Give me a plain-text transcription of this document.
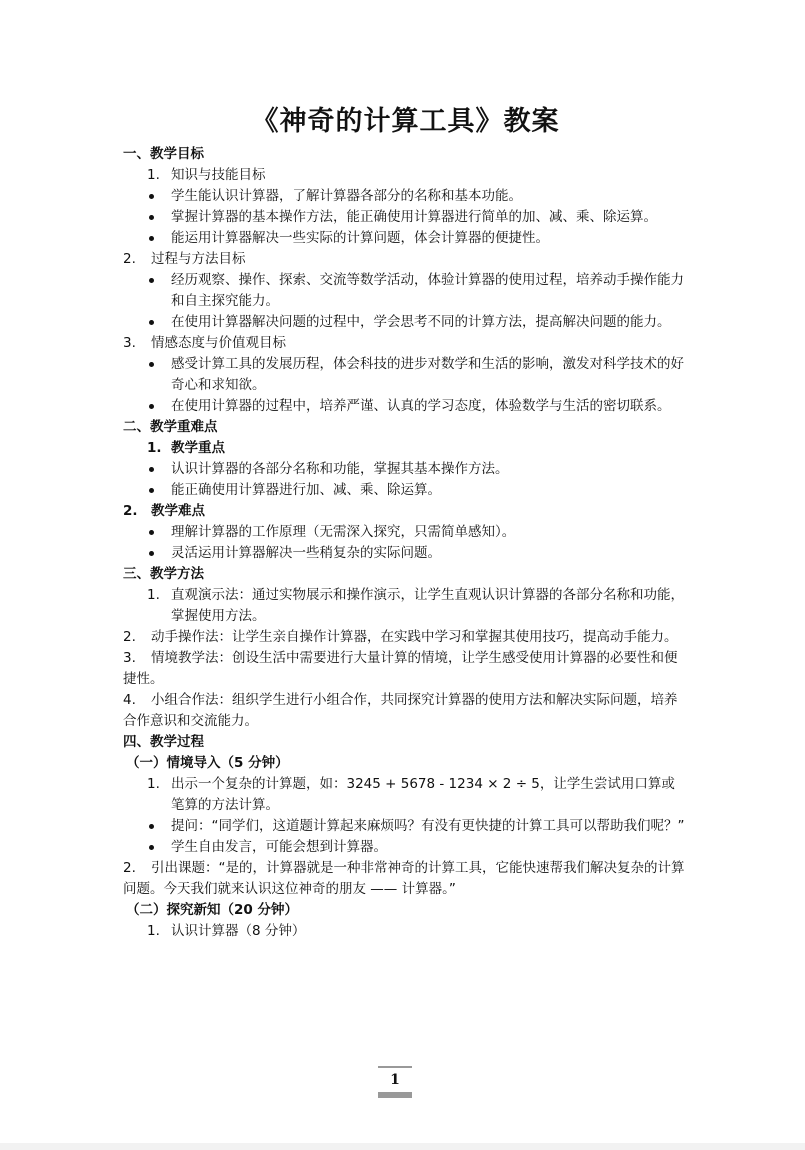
《神奇的计算工具》教案
一、教学目标
1. 知识与技能目标
学生能认识计算器，了解计算器各部分的名称和基本功能。
掌握计算器的基本操作方法，能正确使用计算器进行简单的加、减、乘、除运算。
能运用计算器解决一些实际的计算问题，体会计算器的便捷性。
2. 过程与方法目标
经历观察、操作、探索、交流等数学活动，体验计算器的使用过程，培养动手操作能力和自主探究能力。
在使用计算器解决问题的过程中，学会思考不同的计算方法，提高解决问题的能力。
3. 情感态度与价值观目标
感受计算工具的发展历程，体会科技的进步对数学和生活的影响，激发对科学技术的好奇心和求知欲。
在使用计算器的过程中，培养严谨、认真的学习态度，体验数学与生活的密切联系。
二、教学重难点
1. 教学重点
认识计算器的各部分名称和功能，掌握其基本操作方法。
能正确使用计算器进行加、减、乘、除运算。
2. 教学难点
理解计算器的工作原理（无需深入探究，只需简单感知）。
灵活运用计算器解决一些稍复杂的实际问题。
三、教学方法
1. 直观演示法：通过实物展示和操作演示，让学生直观认识计算器的各部分名称和功能，掌握使用方法。
2. 动手操作法：让学生亲自操作计算器，在实践中学习和掌握其使用技巧，提高动手能力。
3. 情境教学法：创设生活中需要进行大量计算的情境，让学生感受使用计算器的必要性和便捷性。
4. 小组合作法：组织学生进行小组合作，共同探究计算器的使用方法和解决实际问题，培养合作意识和交流能力。
四、教学过程
（一）情境导入（5 分钟）
1. 出示一个复杂的计算题，如：3245 + 5678 - 1234 × 2 ÷ 5，让学生尝试用口算或笔算的方法计算。
提问：“同学们，这道题计算起来麻烦吗？有没有更快捷的计算工具可以帮助我们呢？”
学生自由发言，可能会想到计算器。
2. 引出课题：“是的，计算器就是一种非常神奇的计算工具，它能快速帮我们解决复杂的计算问题。今天我们就来认识这位神奇的朋友 —— 计算器。”
（二）探究新知（20 分钟）
1. 认识计算器（8 分钟）
1
